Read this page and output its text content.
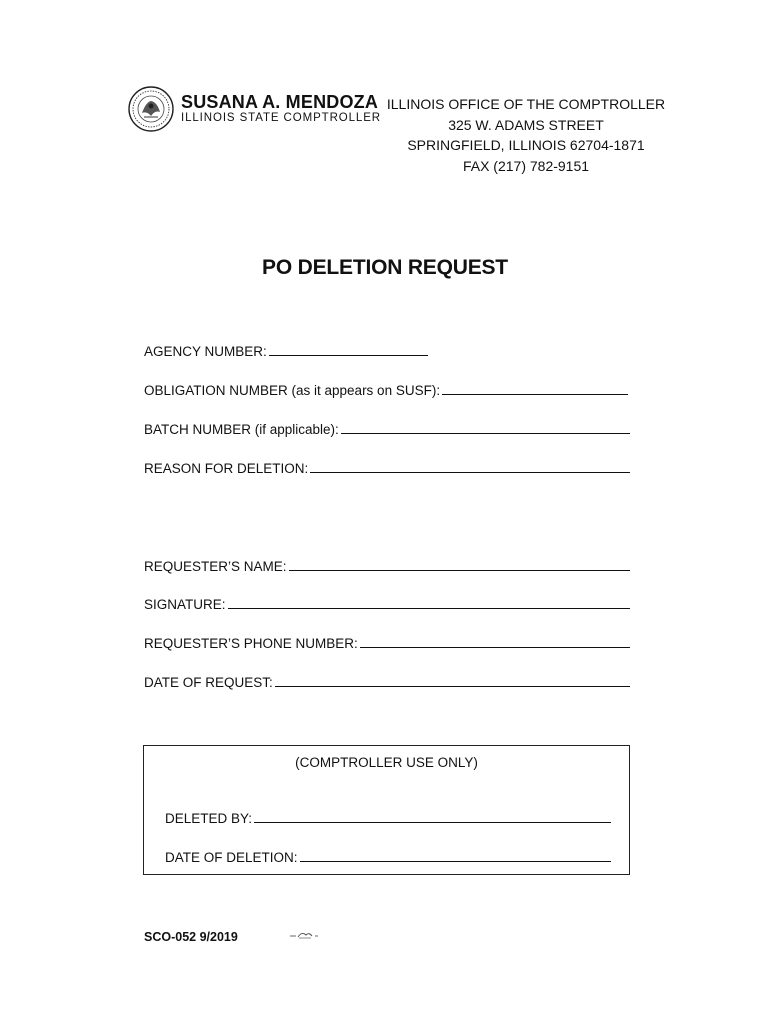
SUSANA A. MENDOZA
ILLINOIS STATE COMPTROLLER
ILLINOIS OFFICE OF THE COMPTROLLER
325 W. ADAMS STREET
SPRINGFIELD, ILLINOIS 62704-1871
FAX (217) 782-9151
PO DELETION REQUEST
AGENCY NUMBER:
OBLIGATION NUMBER (as it appears on SUSF):
BATCH NUMBER (if applicable):
REASON FOR DELETION:
REQUESTER’S NAME:
SIGNATURE:
REQUESTER’S PHONE NUMBER:
DATE OF REQUEST:
(COMPTROLLER USE ONLY)
DELETED BY:
DATE OF DELETION:
SCO-052 9/2019
